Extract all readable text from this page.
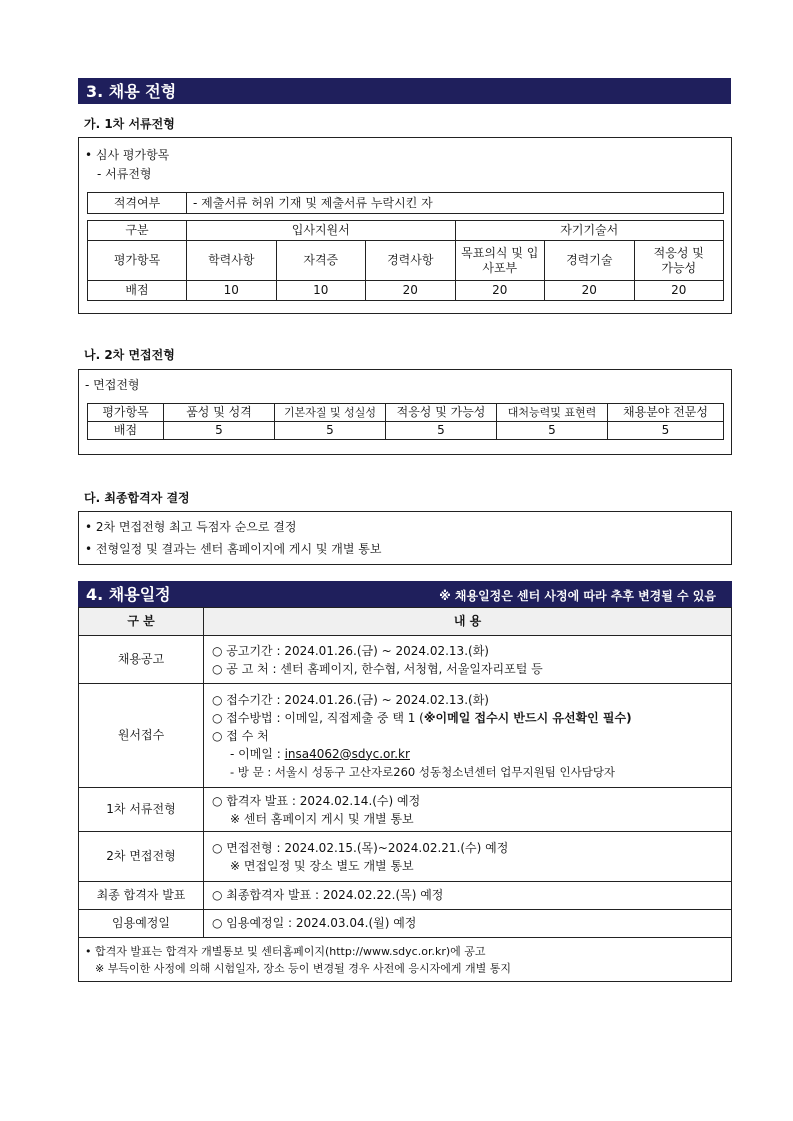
3. 채용 전형
가. 1차 서류전형
• 심사 평가항목
- 서류전형
적격여부	- 제출서류 허위 기재 및 제출서류 누락시킨 자
구분	입사지원서			자기기술서		
평가항목	학력사항	자격증	경력사항	목표의식 및 입사포부	경력기술	적응성 및 가능성
배점	10	10	20	20	20	20
나. 2차 면접전형
- 면접전형
평가항목	품성 및 성격	기본자질 및 성실성	적응성 및 가능성	대처능력및 표현력	채용분야 전문성
배점	5	5	5	5	5
다. 최종합격자 결정
• 2차 면접전형 최고 득점자 순으로 결정
• 전형일정 및 결과는 센터 홈페이지에 게시 및 개별 통보
4. 채용일정	※ 채용일정은 센터 사정에 따라 추후 변경될 수 있음
구 분	내 용
채용공고	○ 공고기간 : 2024.01.26.(금) ~ 2024.02.13.(화)
○ 공 고 처 : 센터 홈페이지, 한수협, 서청협, 서울일자리포털 등

원서접수	○ 접수기간 : 2024.01.26.(금) ~ 2024.02.13.(화)
○ 접수방법 : 이메일, 직접제출 중 택 1 (※이메일 접수시 반드시 유선확인 필수)
○ 접 수 처
- 이메일 : insa4062@sdyc.or.kr
- 방 문 : 서울시 성동구 고산자로260 성동청소년센터 업무지원팀 인사담당자

1차 서류전형	○ 합격자 발표 : 2024.02.14.(수) 예정
※ 센터 홈페이지 게시 및 개별 통보

2차 면접전형	○ 면접전형 : 2024.02.15.(목)~2024.02.21.(수) 예정
※ 면접일정 및 장소 별도 개별 통보

최종 합격자 발표	○ 최종합격자 발표 : 2024.02.22.(목) 예정
임용예정일	○ 임용예정일 : 2024.03.04.(월) 예정

• 합격자 발표는 합격자 개별통보 및 센터홈페이지(http://www.sdyc.or.kr)에 공고
※ 부득이한 사정에 의해 시험일자, 장소 등이 변경될 경우 사전에 응시자에게 개별 통지	
